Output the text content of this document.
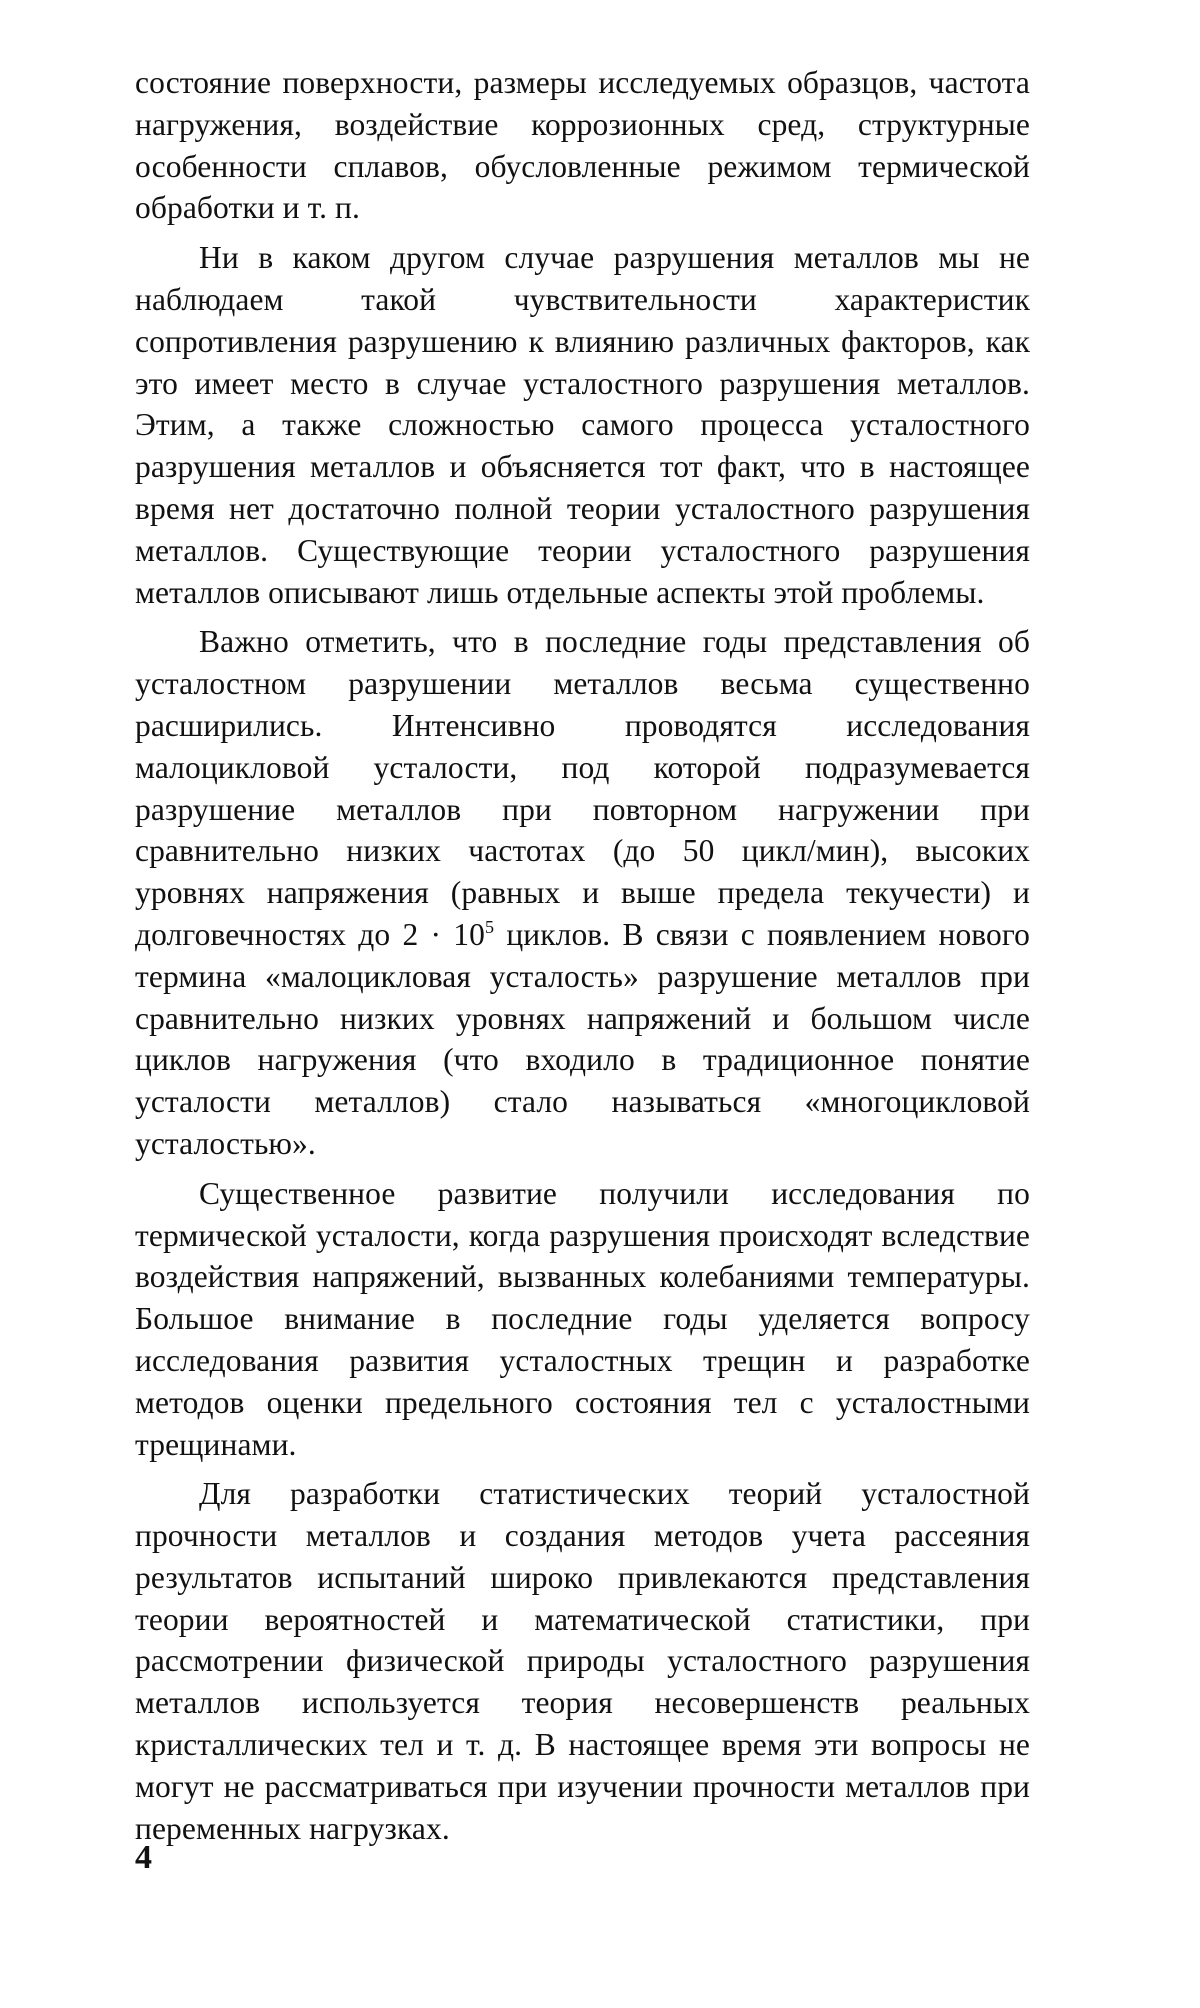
состояние поверхности, размеры исследуемых образцов, частота нагружения, воздействие коррозионных сред, структурные особенности сплавов, обусловленные режимом термической обработки и т. п.

Ни в каком другом случае разрушения металлов мы не наблюдаем такой чувствительности характеристик сопротивления разрушению к влиянию различных факторов, как это имеет место в случае усталостного разрушения металлов. Этим, а также сложностью самого процесса усталостного разрушения металлов и объясняется тот факт, что в настоящее время нет достаточно полной теории усталостного разрушения металлов. Существующие теории усталостного разрушения металлов описывают лишь отдельные аспекты этой проблемы.

Важно отметить, что в последние годы представления об усталостном разрушении металлов весьма существенно расширились. Интенсивно проводятся исследования малоцикловой усталости, под которой подразумевается разрушение металлов при повторном нагружении при сравнительно низких частотах (до 50 цикл/мин), высоких уровнях напряжения (равных и выше предела текучести) и долговечностях до $2 \cdot 10^5$ циклов. В связи с появлением нового термина «малоцикловая усталость» разрушение металлов при сравнительно низких уровнях напряжений и большом числе циклов нагружения (что входило в традиционное понятие усталости металлов) стало называться «многоцикловой усталостью».

Существенное развитие получили исследования по термической усталости, когда разрушения происходят вследствие воздействия напряжений, вызванных колебаниями температуры. Большое внимание в последние годы уделяется вопросу исследования развития усталостных трещин и разработке методов оценки предельного состояния тел с усталостными трещинами.

Для разработки статистических теорий усталостной прочности металлов и создания методов учета рассеяния результатов испытаний широко привлекаются представления теории вероятностей и математической статистики, при рассмотрении физической природы усталостного разрушения металлов используется теория несовершенств реальных кристаллических тел и т. д. В настоящее время эти вопросы не могут не рассматриваться при изучении прочности металлов при переменных нагрузках.

4
